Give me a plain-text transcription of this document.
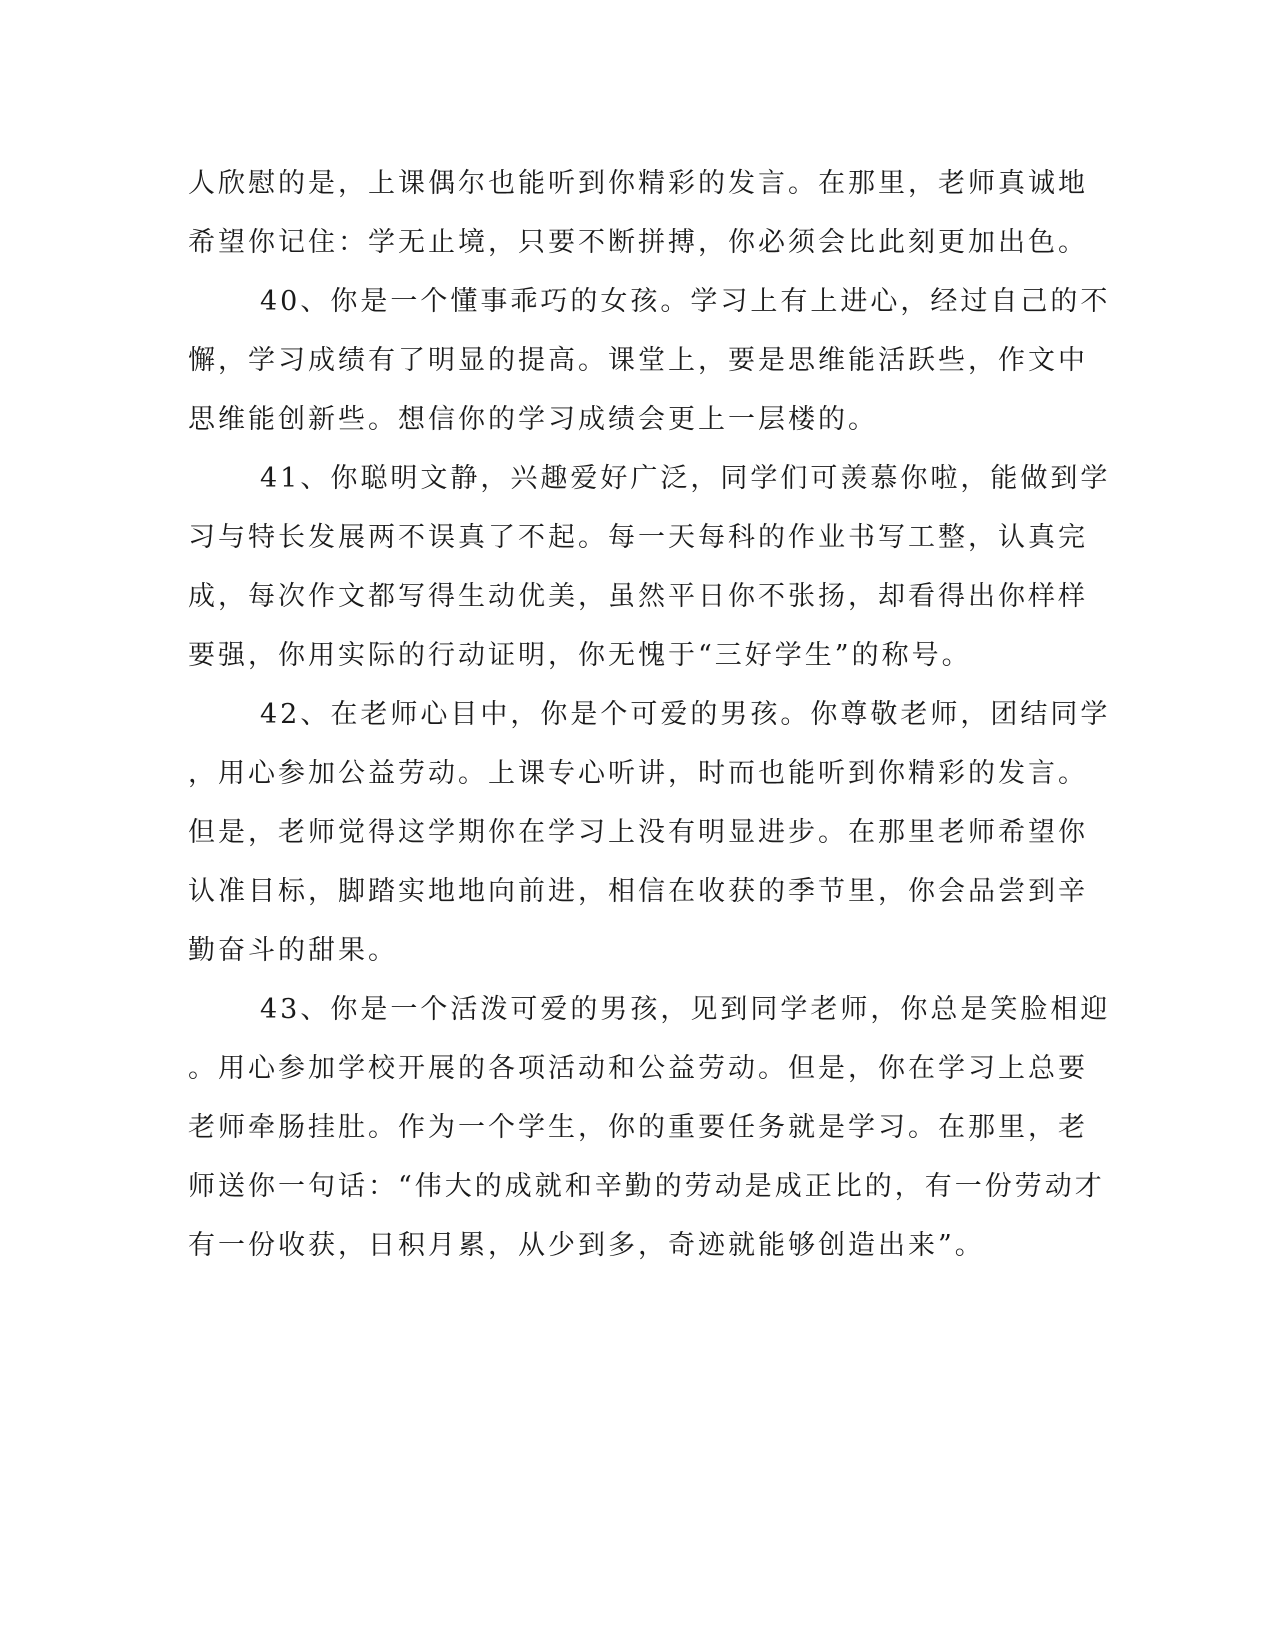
人欣慰的是，上课偶尔也能听到你精彩的发言。在那里，老师真诚地
希望你记住：学无止境，只要不断拼搏，你必须会比此刻更加出色。
40、你是一个懂事乖巧的女孩。学习上有上进心，经过自己的不
懈，学习成绩有了明显的提高。课堂上，要是思维能活跃些，作文中
思维能创新些。想信你的学习成绩会更上一层楼的。
41、你聪明文静，兴趣爱好广泛，同学们可羡慕你啦，能做到学
习与特长发展两不误真了不起。每一天每科的作业书写工整，认真完
成，每次作文都写得生动优美，虽然平日你不张扬，却看得出你样样
要强，你用实际的行动证明，你无愧于“三好学生”的称号。
42、在老师心目中，你是个可爱的男孩。你尊敬老师，团结同学
，用心参加公益劳动。上课专心听讲，时而也能听到你精彩的发言。
但是，老师觉得这学期你在学习上没有明显进步。在那里老师希望你
认准目标，脚踏实地地向前进，相信在收获的季节里，你会品尝到辛
勤奋斗的甜果。
43、你是一个活泼可爱的男孩，见到同学老师，你总是笑脸相迎
。用心参加学校开展的各项活动和公益劳动。但是，你在学习上总要
老师牵肠挂肚。作为一个学生，你的重要任务就是学习。在那里，老
师送你一句话：“伟大的成就和辛勤的劳动是成正比的，有一份劳动才
有一份收获，日积月累，从少到多，奇迹就能够创造出来”。
